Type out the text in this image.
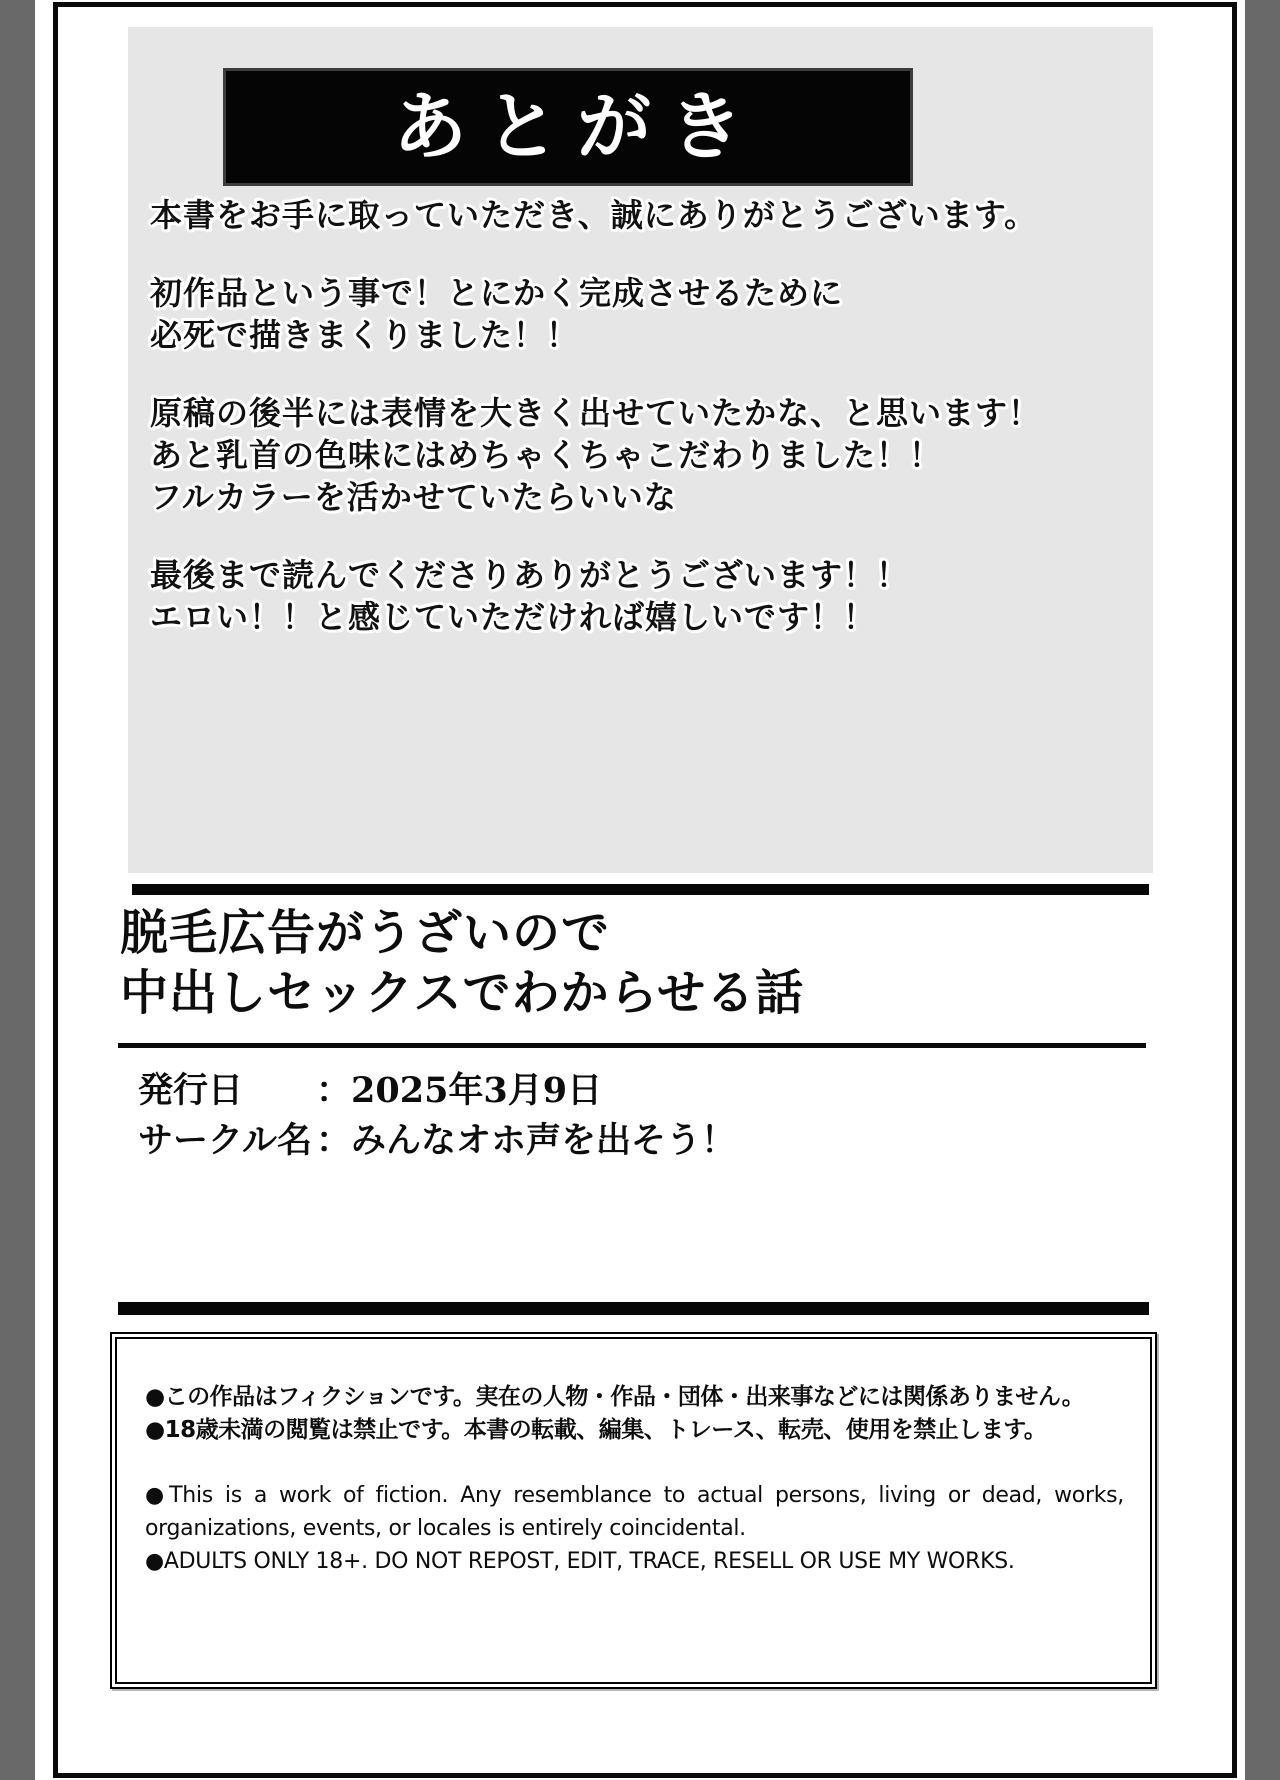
あとがき

本書をお手に取っていただき、誠にありがとうございます。

初作品という事で！とにかく完成させるために
必死で描きまくりました！！

原稿の後半には表情を大きく出せていたかな、と思います！
あと乳首の色味にはめちゃくちゃこだわりました！！
フルカラーを活かせていたらいいな

最後まで読んでくださりありがとうございます！！
エロい！！と感じていただければ嬉しいです！！

脱毛広告がうざいので
中出しセックスでわからせる話
発行日 ：2025年3月9日
サークル名 ：みんなオホ声を出そう！

●この作品はフィクションです。実在の人物・作品・団体・出来事などには関係ありません。

●18歳未満の閲覧は禁止です。本書の転載、編集、トレース、転売、使用を禁止します。

●This is a work of fiction. Any resemblance to actual persons, living or dead, works, organizations, events, or locales is entirely coincidental.

●ADULTS ONLY 18+. DO NOT REPOST, EDIT, TRACE, RESELL OR USE MY WORKS.
